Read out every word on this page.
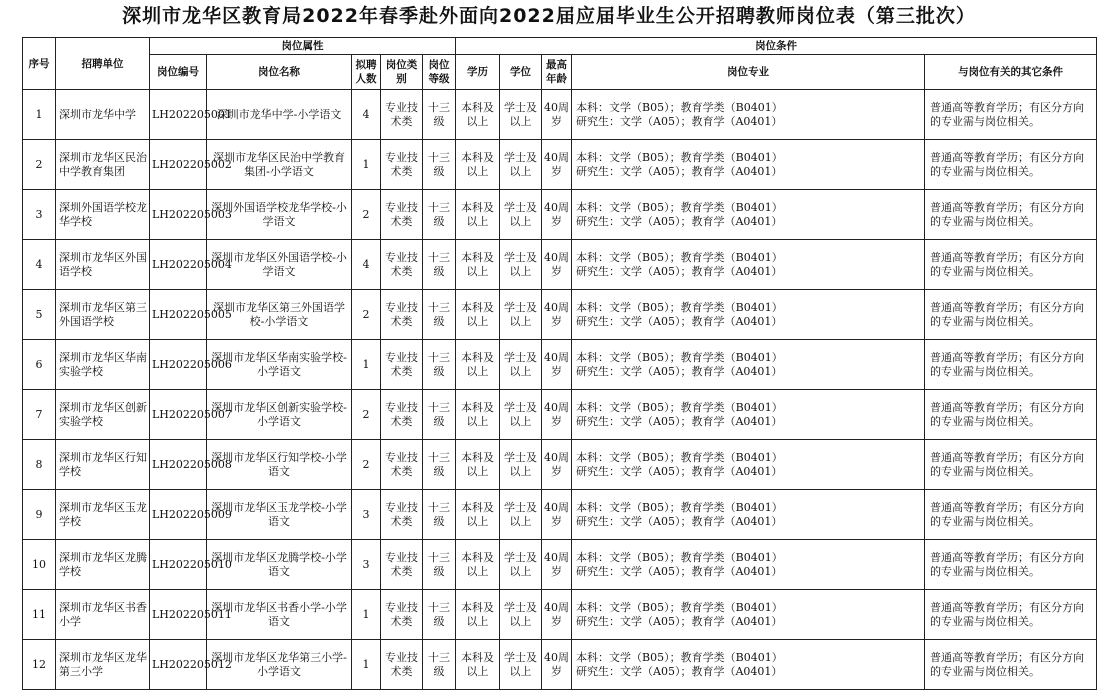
深圳市龙华区教育局2022年春季赴外面向2022届应届毕业生公开招聘教师岗位表（第三批次）
序号	招聘单位	岗位属性					岗位条件				
		岗位编号	岗位名称	拟聘人数	岗位类别	岗位等级	学历	学位	最高年龄	岗位专业	与岗位有关的其它条件
1	深圳市龙华中学	LH202205001	深圳市龙华中学-小学语文	4	专业技术类	十三级	本科及以上	学士及以上	40周岁	本科：文学（B05）；教育学类（B0401）
研究生：文学（A05）；教育学（A0401）	普通高等教育学历；有区分方向的专业需与岗位相关。
2	深圳市龙华区民治中学教育集团	LH202205002	深圳市龙华区民治中学教育集团-小学语文	1	专业技术类	十三级	本科及以上	学士及以上	40周岁	本科：文学（B05）；教育学类（B0401）
研究生：文学（A05）；教育学（A0401）	普通高等教育学历；有区分方向的专业需与岗位相关。
3	深圳外国语学校龙华学校	LH202205003	深圳外国语学校龙华学校-小学语文	2	专业技术类	十三级	本科及以上	学士及以上	40周岁	本科：文学（B05）；教育学类（B0401）
研究生：文学（A05）；教育学（A0401）	普通高等教育学历；有区分方向的专业需与岗位相关。
4	深圳市龙华区外国语学校	LH202205004	深圳市龙华区外国语学校-小学语文	4	专业技术类	十三级	本科及以上	学士及以上	40周岁	本科：文学（B05）；教育学类（B0401）
研究生：文学（A05）；教育学（A0401）	普通高等教育学历；有区分方向的专业需与岗位相关。
5	深圳市龙华区第三外国语学校	LH202205005	深圳市龙华区第三外国语学校-小学语文	2	专业技术类	十三级	本科及以上	学士及以上	40周岁	本科：文学（B05）；教育学类（B0401）
研究生：文学（A05）；教育学（A0401）	普通高等教育学历；有区分方向的专业需与岗位相关。
6	深圳市龙华区华南实验学校	LH202205006	深圳市龙华区华南实验学校-小学语文	1	专业技术类	十三级	本科及以上	学士及以上	40周岁	本科：文学（B05）；教育学类（B0401）
研究生：文学（A05）；教育学（A0401）	普通高等教育学历；有区分方向的专业需与岗位相关。
7	深圳市龙华区创新实验学校	LH202205007	深圳市龙华区创新实验学校-小学语文	2	专业技术类	十三级	本科及以上	学士及以上	40周岁	本科：文学（B05）；教育学类（B0401）
研究生：文学（A05）；教育学（A0401）	普通高等教育学历；有区分方向的专业需与岗位相关。
8	深圳市龙华区行知学校	LH202205008	深圳市龙华区行知学校-小学语文	2	专业技术类	十三级	本科及以上	学士及以上	40周岁	本科：文学（B05）；教育学类（B0401）
研究生：文学（A05）；教育学（A0401）	普通高等教育学历；有区分方向的专业需与岗位相关。
9	深圳市龙华区玉龙学校	LH202205009	深圳市龙华区玉龙学校-小学语文	3	专业技术类	十三级	本科及以上	学士及以上	40周岁	本科：文学（B05）；教育学类（B0401）
研究生：文学（A05）；教育学（A0401）	普通高等教育学历；有区分方向的专业需与岗位相关。
10	深圳市龙华区龙腾学校	LH202205010	深圳市龙华区龙腾学校-小学语文	3	专业技术类	十三级	本科及以上	学士及以上	40周岁	本科：文学（B05）；教育学类（B0401）
研究生：文学（A05）；教育学（A0401）	普通高等教育学历；有区分方向的专业需与岗位相关。
11	深圳市龙华区书香小学	LH202205011	深圳市龙华区书香小学-小学语文	1	专业技术类	十三级	本科及以上	学士及以上	40周岁	本科：文学（B05）；教育学类（B0401）
研究生：文学（A05）；教育学（A0401）	普通高等教育学历；有区分方向的专业需与岗位相关。
12	深圳市龙华区龙华第三小学	LH202205012	深圳市龙华区龙华第三小学-小学语文	1	专业技术类	十三级	本科及以上	学士及以上	40周岁	本科：文学（B05）；教育学类（B0401）
研究生：文学（A05）；教育学（A0401）	普通高等教育学历；有区分方向的专业需与岗位相关。
